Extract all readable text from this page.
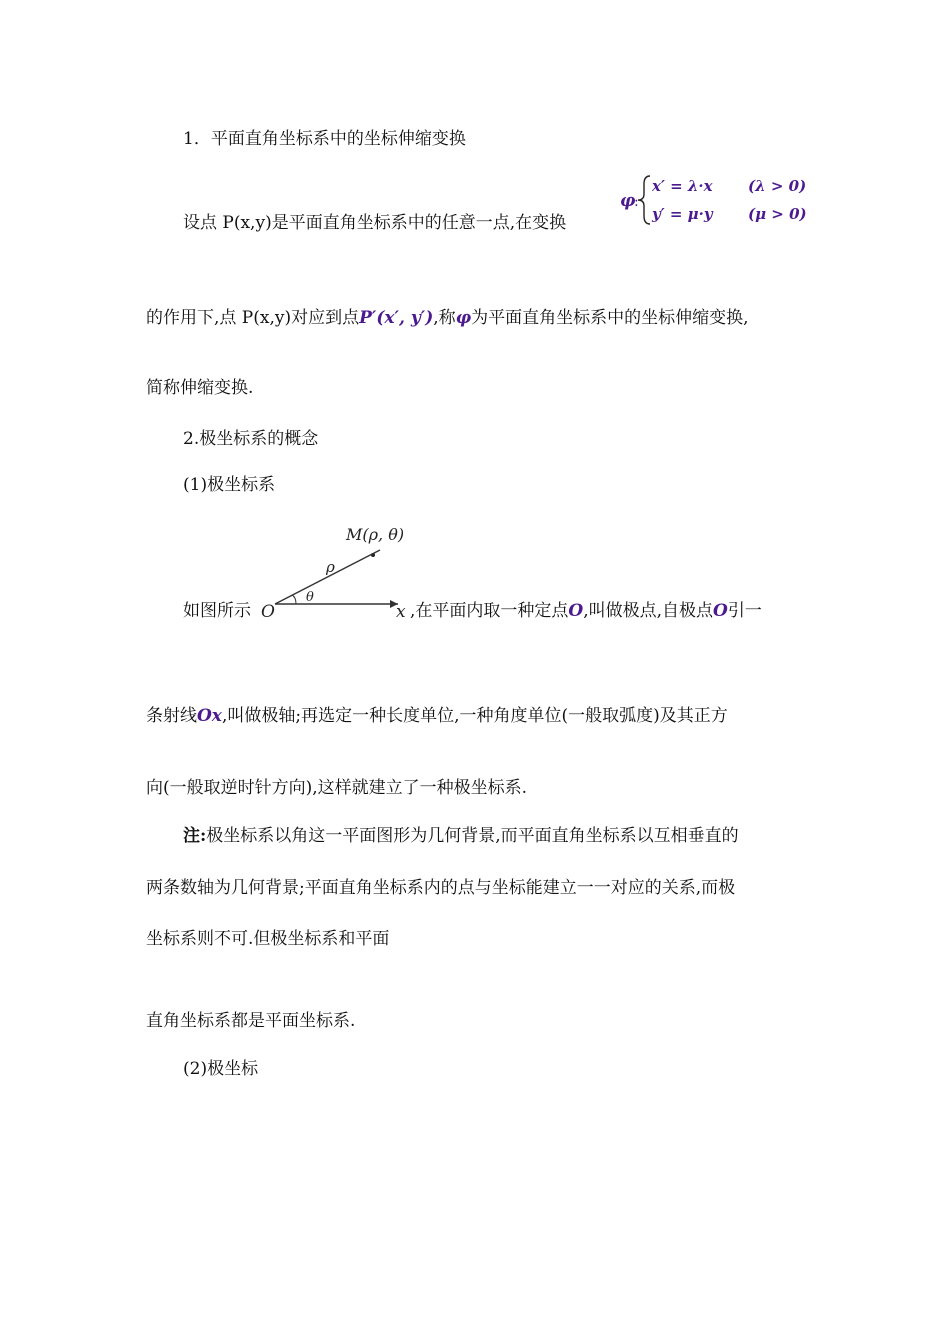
1．平面直角坐标系中的坐标伸缩变换
设点 P(x,y)是平面直角坐标系中的任意一点,在变换
φ
:
x′ = λ·x (λ > 0)
y′ = μ·y (μ > 0)
的作用下,点 P(x,y)对应到点P′(x′, y′),称φ为平面直角坐标系中的坐标伸缩变换,
简称伸缩变换.
2.极坐标系的概念
(1)极坐标系
如图所示
M(ρ, θ)
ρ
θ
O	x ,在平面内取一种定点O,叫做极点,自极点O引一
条射线Ox,叫做极轴;再选定一种长度单位,一种角度单位(一般取弧度)及其正方
向(一般取逆时针方向),这样就建立了一种极坐标系.
注:极坐标系以角这一平面图形为几何背景,而平面直角坐标系以互相垂直的
两条数轴为几何背景;平面直角坐标系内的点与坐标能建立一一对应的关系,而极
坐标系则不可.但极坐标系和平面
直角坐标系都是平面坐标系.
(2)极坐标
